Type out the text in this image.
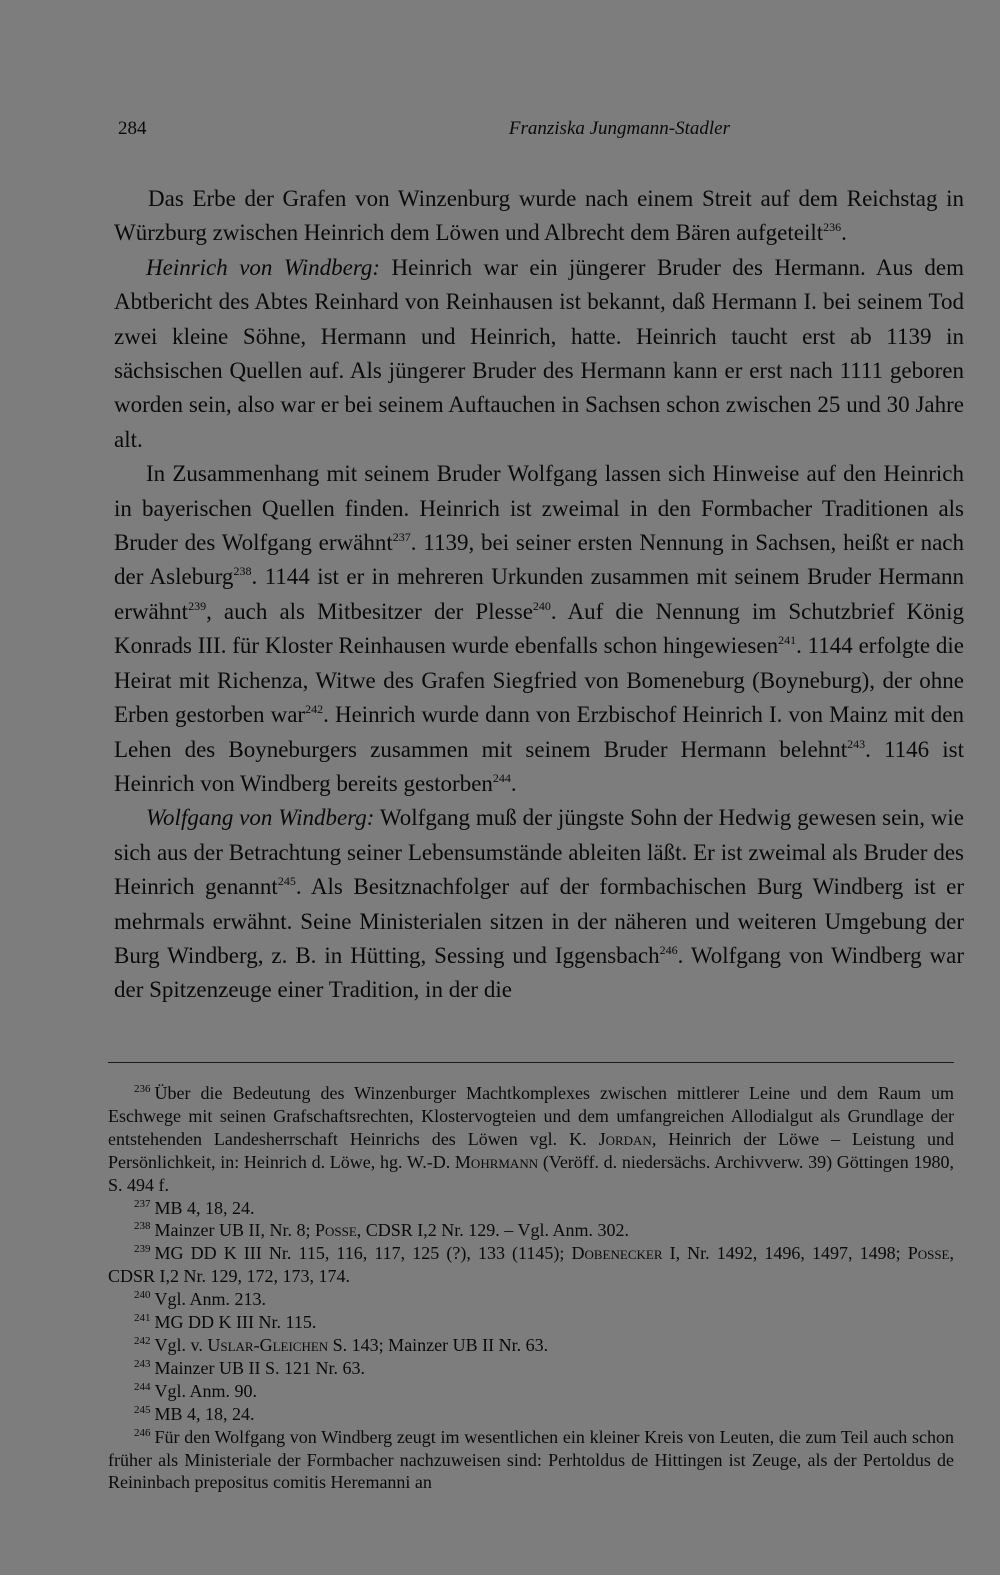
284	Franziska Jungmann-Stadler

Das Erbe der Grafen von Winzenburg wurde nach einem Streit auf dem Reichstag in Würzburg zwischen Heinrich dem Löwen und Albrecht dem Bären aufgeteilt$^{236}$.

Heinrich von Windberg: Heinrich war ein jüngerer Bruder des Hermann. Aus dem Abtbericht des Abtes Reinhard von Reinhausen ist bekannt, daß Hermann I. bei seinem Tod zwei kleine Söhne, Hermann und Heinrich, hatte. Heinrich taucht erst ab 1139 in sächsischen Quellen auf. Als jüngerer Bruder des Hermann kann er erst nach 1111 geboren worden sein, also war er bei seinem Auftauchen in Sachsen schon zwischen 25 und 30 Jahre alt.

In Zusammenhang mit seinem Bruder Wolfgang lassen sich Hinweise auf den Heinrich in bayerischen Quellen finden. Heinrich ist zweimal in den Formbacher Traditionen als Bruder des Wolfgang erwähnt$^{237}$. 1139, bei seiner ersten Nennung in Sachsen, heißt er nach der Asleburg$^{238}$. 1144 ist er in mehreren Urkunden zusammen mit seinem Bruder Hermann erwähnt$^{239}$, auch als Mitbesitzer der Plesse$^{240}$. Auf die Nennung im Schutzbrief König Konrads III. für Kloster Reinhausen wurde ebenfalls schon hingewiesen$^{241}$. 1144 erfolgte die Heirat mit Richenza, Witwe des Grafen Siegfried von Bomeneburg (Boyneburg), der ohne Erben gestorben war$^{242}$. Heinrich wurde dann von Erzbischof Heinrich I. von Mainz mit den Lehen des Boyneburgers zusammen mit seinem Bruder Hermann belehnt$^{243}$. 1146 ist Heinrich von Windberg bereits gestorben$^{244}$.

Wolfgang von Windberg: Wolfgang muß der jüngste Sohn der Hedwig gewesen sein, wie sich aus der Betrachtung seiner Lebensumstände ableiten läßt. Er ist zweimal als Bruder des Heinrich genannt$^{245}$. Als Besitznachfolger auf der formbachischen Burg Windberg ist er mehrmals erwähnt. Seine Ministerialen sitzen in der näheren und weiteren Umgebung der Burg Windberg, z. B. in Hütting, Sessing und Iggensbach$^{246}$. Wolfgang von Windberg war der Spitzenzeuge einer Tradition, in der die

$^{236}$ Über die Bedeutung des Winzenburger Machtkomplexes zwischen mittlerer Leine und dem Raum um Eschwege mit seinen Grafschaftsrechten, Klostervogteien und dem umfangreichen Allodialgut als Grundlage der entstehenden Landesherrschaft Heinrichs des Löwen vgl. K. Jordan, Heinrich der Löwe – Leistung und Persönlichkeit, in: Heinrich d. Löwe, hg. W.-D. Mohrmann (Veröff. d. niedersächs. Archivverw. 39) Göttingen 1980, S. 494 f.

$^{237}$ MB 4, 18, 24.

$^{238}$ Mainzer UB II, Nr. 8; Posse, CDSR I,2 Nr. 129. – Vgl. Anm. 302.

$^{239}$ MG DD K III Nr. 115, 116, 117, 125 (?), 133 (1145); Dobenecker I, Nr. 1492, 1496, 1497, 1498; Posse, CDSR I,2 Nr. 129, 172, 173, 174.

$^{240}$ Vgl. Anm. 213.

$^{241}$ MG DD K III Nr. 115.

$^{242}$ Vgl. v. Uslar-Gleichen S. 143; Mainzer UB II Nr. 63.

$^{243}$ Mainzer UB II S. 121 Nr. 63.

$^{244}$ Vgl. Anm. 90.

$^{245}$ MB 4, 18, 24.

$^{246}$ Für den Wolfgang von Windberg zeugt im wesentlichen ein kleiner Kreis von Leuten, die zum Teil auch schon früher als Ministeriale der Formbacher nachzuweisen sind: Perhtoldus de Hittingen ist Zeuge, als der Pertoldus de Reininbach prepositus comitis Heremanni an
